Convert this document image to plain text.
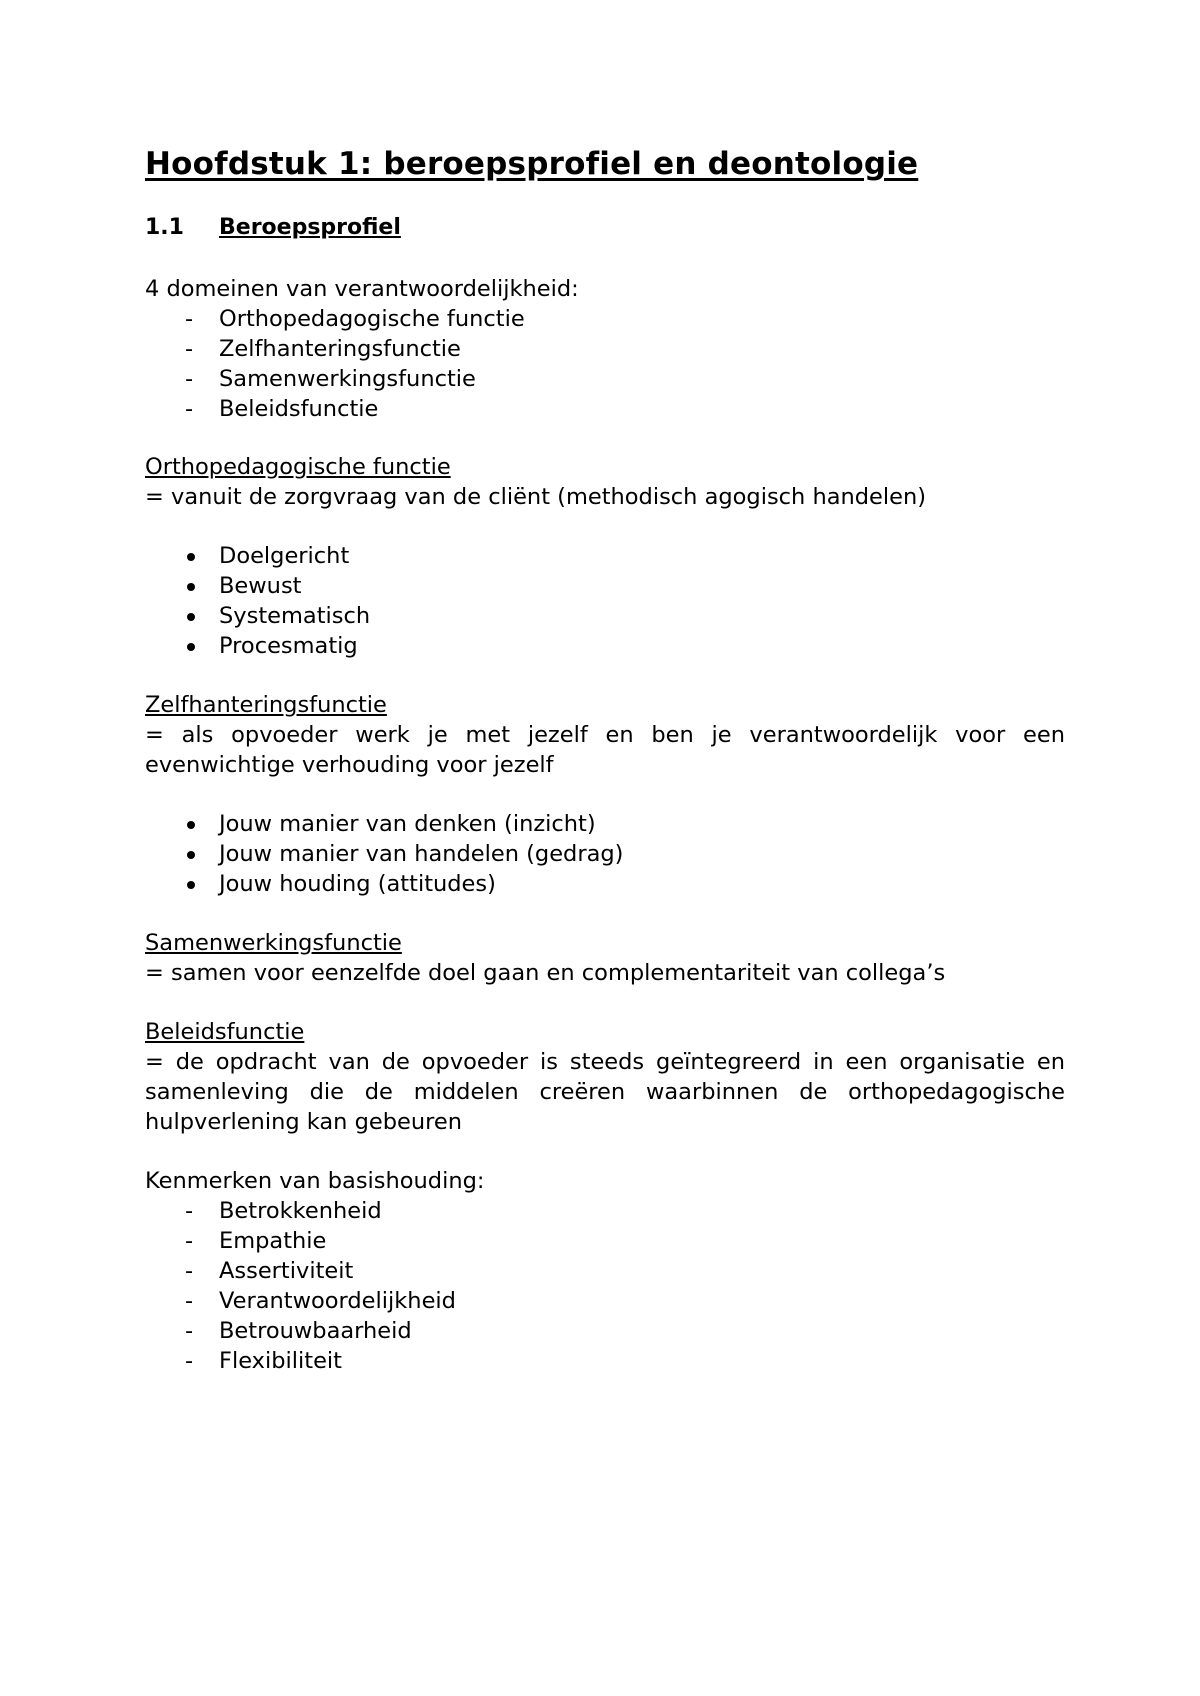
Hoofdstuk 1: beroepsprofiel en deontologie
1.1 Beroepsprofiel

4 domeinen van verantwoordelijkheid:

- Orthopedagogische functie
- Zelfhanteringsfunctie
- Samenwerkingsfunctie
- Beleidsfunctie

Orthopedagogische functie

= vanuit de zorgvraag van de cliënt (methodisch agogisch handelen)

Doelgericht
Bewust
Systematisch
Procesmatig

Zelfhanteringsfunctie

= als opvoeder werk je met jezelf en ben je verantwoordelijk voor een evenwichtige verhouding voor jezelf

Jouw manier van denken (inzicht)
Jouw manier van handelen (gedrag)
Jouw houding (attitudes)

Samenwerkingsfunctie

= samen voor eenzelfde doel gaan en complementariteit van collega’s

Beleidsfunctie

= de opdracht van de opvoeder is steeds geïntegreerd in een organisatie en samenleving die de middelen creëren waarbinnen de orthopedagogische hulpverlening kan gebeuren

Kenmerken van basishouding:

- Betrokkenheid
- Empathie
- Assertiviteit
- Verantwoordelijkheid
- Betrouwbaarheid
- Flexibiliteit
